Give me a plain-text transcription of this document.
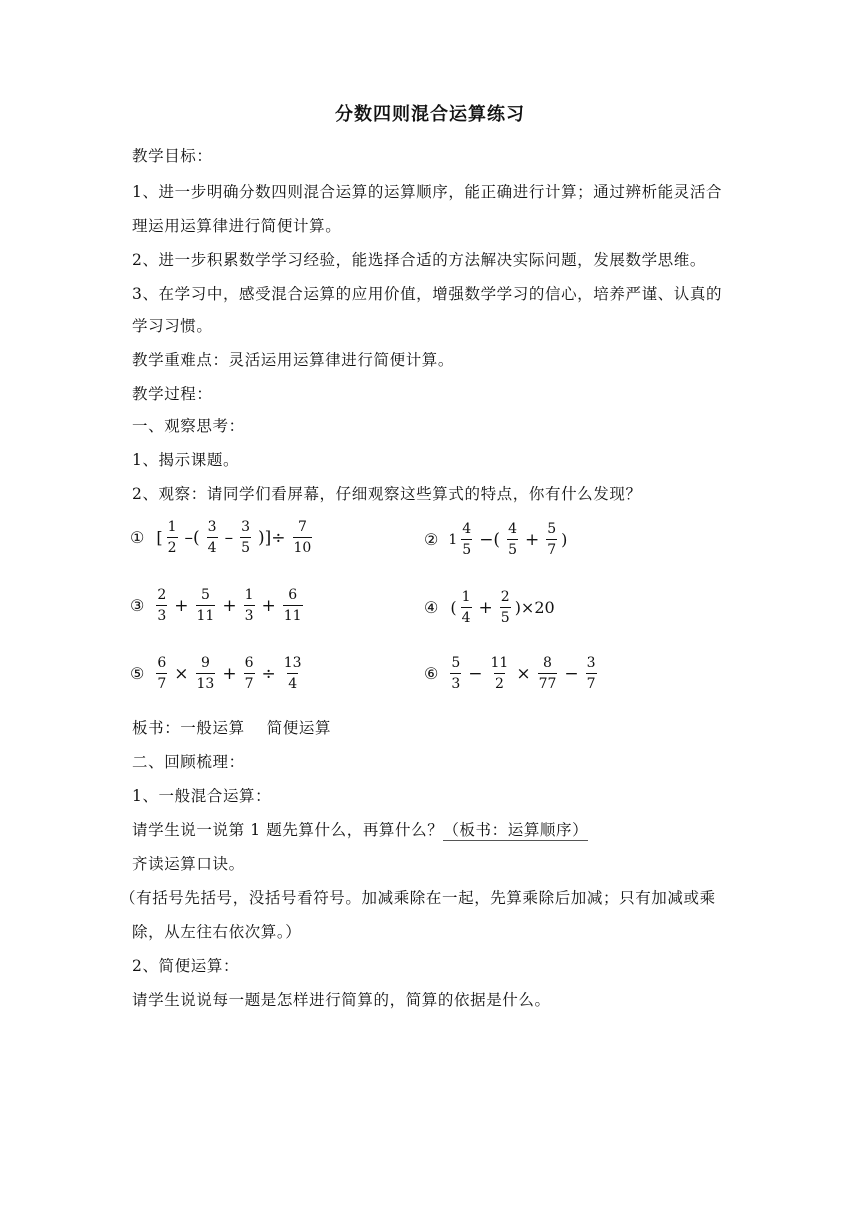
分数四则混合运算练习
教学目标：
1、进一步明确分数四则混合运算的运算顺序，能正确进行计算；通过辨析能灵活合
理运用运算律进行简便计算。
2、进一步积累数学学习经验，能选择合适的方法解决实际问题，发展数学思维。
3、在学习中，感受混合运算的应用价值，增强数学学习的信心，培养严谨、认真的
学习习惯。
教学重难点：灵活运用运算律进行简便计算。
教学过程：
一、观察思考：
1、揭示课题。
2、观察：请同学们看屏幕，仔细观察这些算式的特点，你有什么发现？
① [ $\frac{1}{2}$ –( $\frac{3}{4} - \frac{3}{5}$ )]÷ $\frac{7}{10}$	② $1 \frac{4}{5}$ −( $\frac{4}{5} + \frac{5}{7}$ )
③ $\frac{2}{3} + \frac{5}{11} + \frac{1}{3} + \frac{6}{11}$	④ ( $\frac{1}{4} + \frac{2}{5} )\times 20$
⑤ $\frac{6}{7} \times \frac{9}{13} + \frac{6}{7} \div \frac{13}{4}$	⑥ $\frac{5}{3} - \frac{11}{2} \times \frac{8}{77} - \frac{3}{7}$
板书：一般运算 简便运算
二、回顾梳理：
1、一般混合运算：
请学生说一说第 1 题先算什么，再算什么？（板书：运算顺序）
齐读运算口诀。
（有括号先括号，没括号看符号。加减乘除在一起，先算乘除后加减；只有加减或乘
除，从左往右依次算。）
2、简便运算：
请学生说说每一题是怎样进行简算的，简算的依据是什么。
